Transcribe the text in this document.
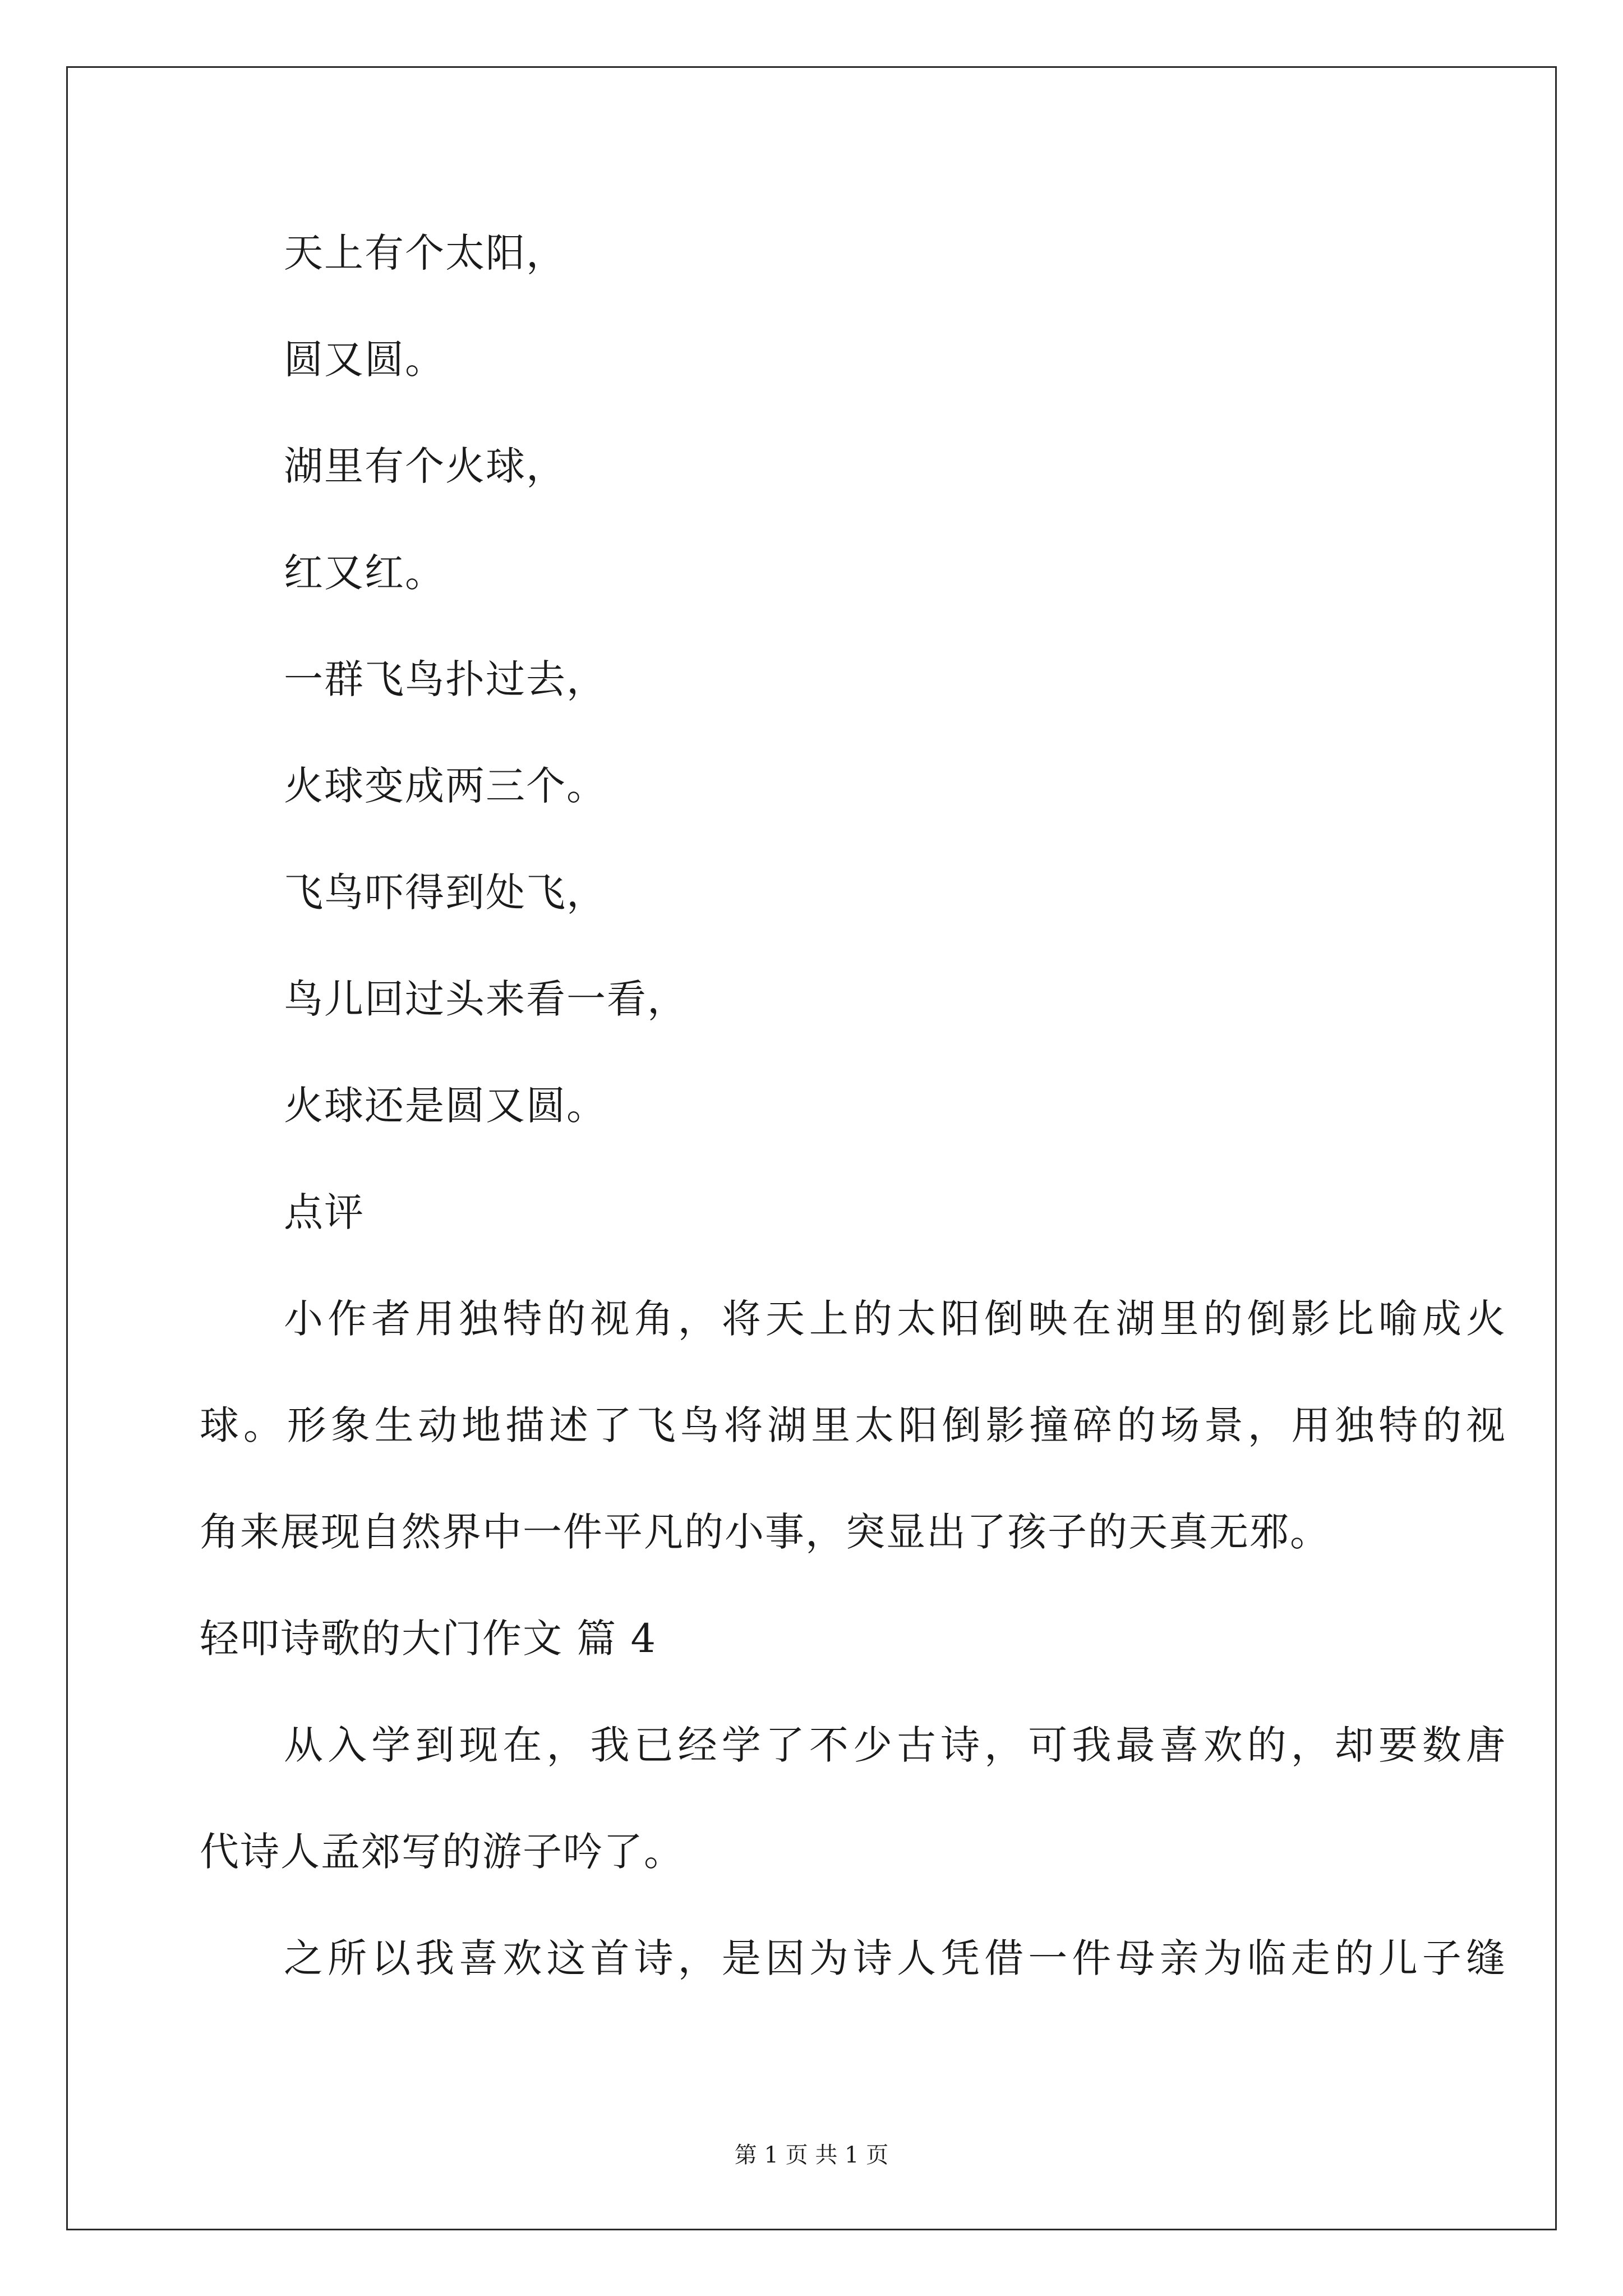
天上有个太阳，
圆又圆。
湖里有个火球，
红又红。
一群飞鸟扑过去，
火球变成两三个。
飞鸟吓得到处飞，
鸟儿回过头来看一看，
火球还是圆又圆。
点评
小作者用独特的视角，将天上的太阳倒映在湖里的倒影比喻成火
球。形象生动地描述了飞鸟将湖里太阳倒影撞碎的场景，用独特的视
角来展现自然界中一件平凡的小事，突显出了孩子的天真无邪。
轻叩诗歌的大门作文 篇 4
从入学到现在，我已经学了不少古诗，可我最喜欢的，却要数唐
代诗人孟郊写的游子吟了。
之所以我喜欢这首诗，是因为诗人凭借一件母亲为临走的儿子缝
第 1 页 共 1 页
